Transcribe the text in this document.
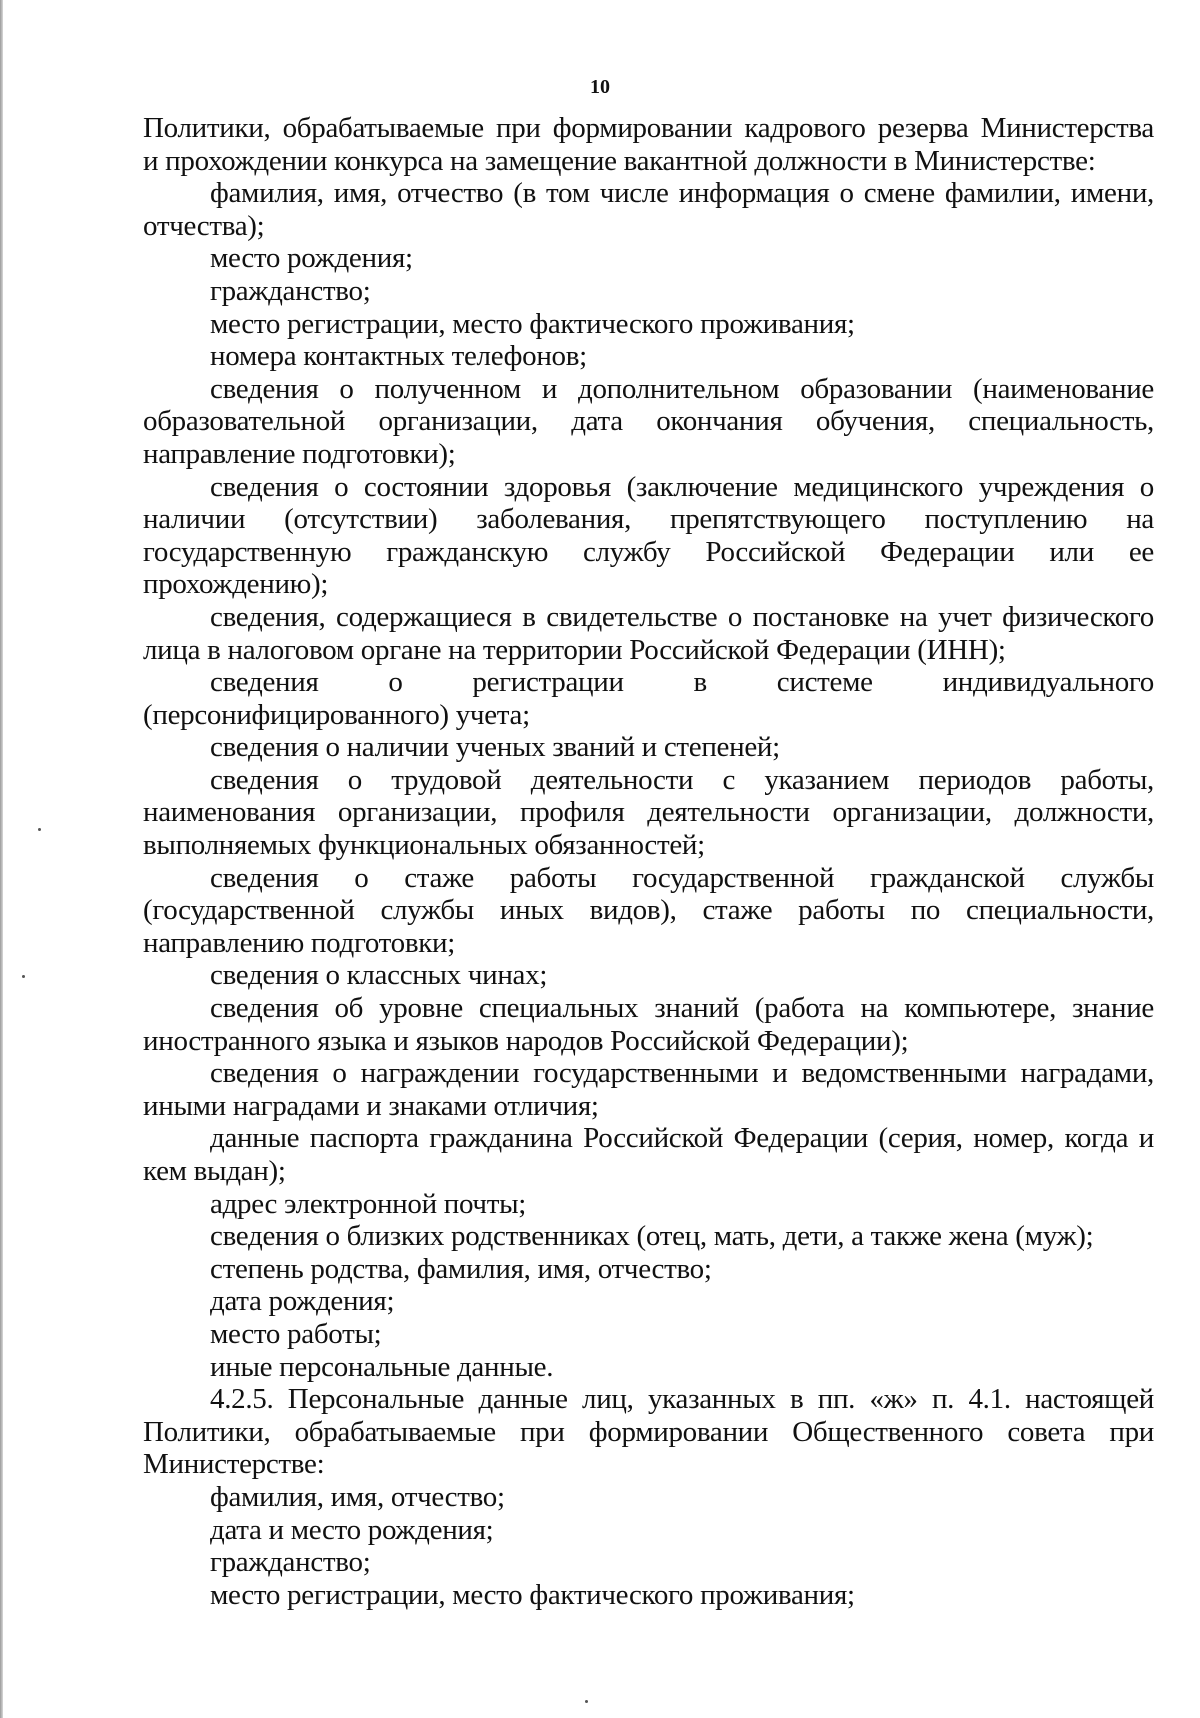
10
Политики, обрабатываемые при формировании кадрового резерва Министерства
и прохождении конкурса на замещение вакантной должности в Министерстве:
фамилия, имя, отчество (в том числе информация о смене фамилии, имени,
отчества);
место рождения;
гражданство;
место регистрации, место фактического проживания;
номера контактных телефонов;
сведения о полученном и дополнительном образовании (наименование
образовательной организации, дата окончания обучения, специальность,
направление подготовки);
сведения о состоянии здоровья (заключение медицинского учреждения о
наличии (отсутствии) заболевания, препятствующего поступлению на
государственную гражданскую службу Российской Федерации или ее
прохождению);
сведения, содержащиеся в свидетельстве о постановке на учет физического
лица в налоговом органе на территории Российской Федерации (ИНН);
сведения о регистрации в системе индивидуального
(персонифицированного) учета;
сведения о наличии ученых званий и степеней;
сведения о трудовой деятельности с указанием периодов работы,
наименования организации, профиля деятельности организации, должности,
выполняемых функциональных обязанностей;
сведения о стаже работы государственной гражданской службы
(государственной службы иных видов), стаже работы по специальности,
направлению подготовки;
сведения о классных чинах;
сведения об уровне специальных знаний (работа на компьютере, знание
иностранного языка и языков народов Российской Федерации);
сведения о награждении государственными и ведомственными наградами,
иными наградами и знаками отличия;
данные паспорта гражданина Российской Федерации (серия, номер, когда и
кем выдан);
адрес электронной почты;
сведения о близких родственниках (отец, мать, дети, а также жена (муж);
степень родства, фамилия, имя, отчество;
дата рождения;
место работы;
иные персональные данные.
4.2.5. Персональные данные лиц, указанных в пп. «ж» п. 4.1. настоящей
Политики, обрабатываемые при формировании Общественного совета при
Министерстве:
фамилия, имя, отчество;
дата и место рождения;
гражданство;
место регистрации, место фактического проживания;
